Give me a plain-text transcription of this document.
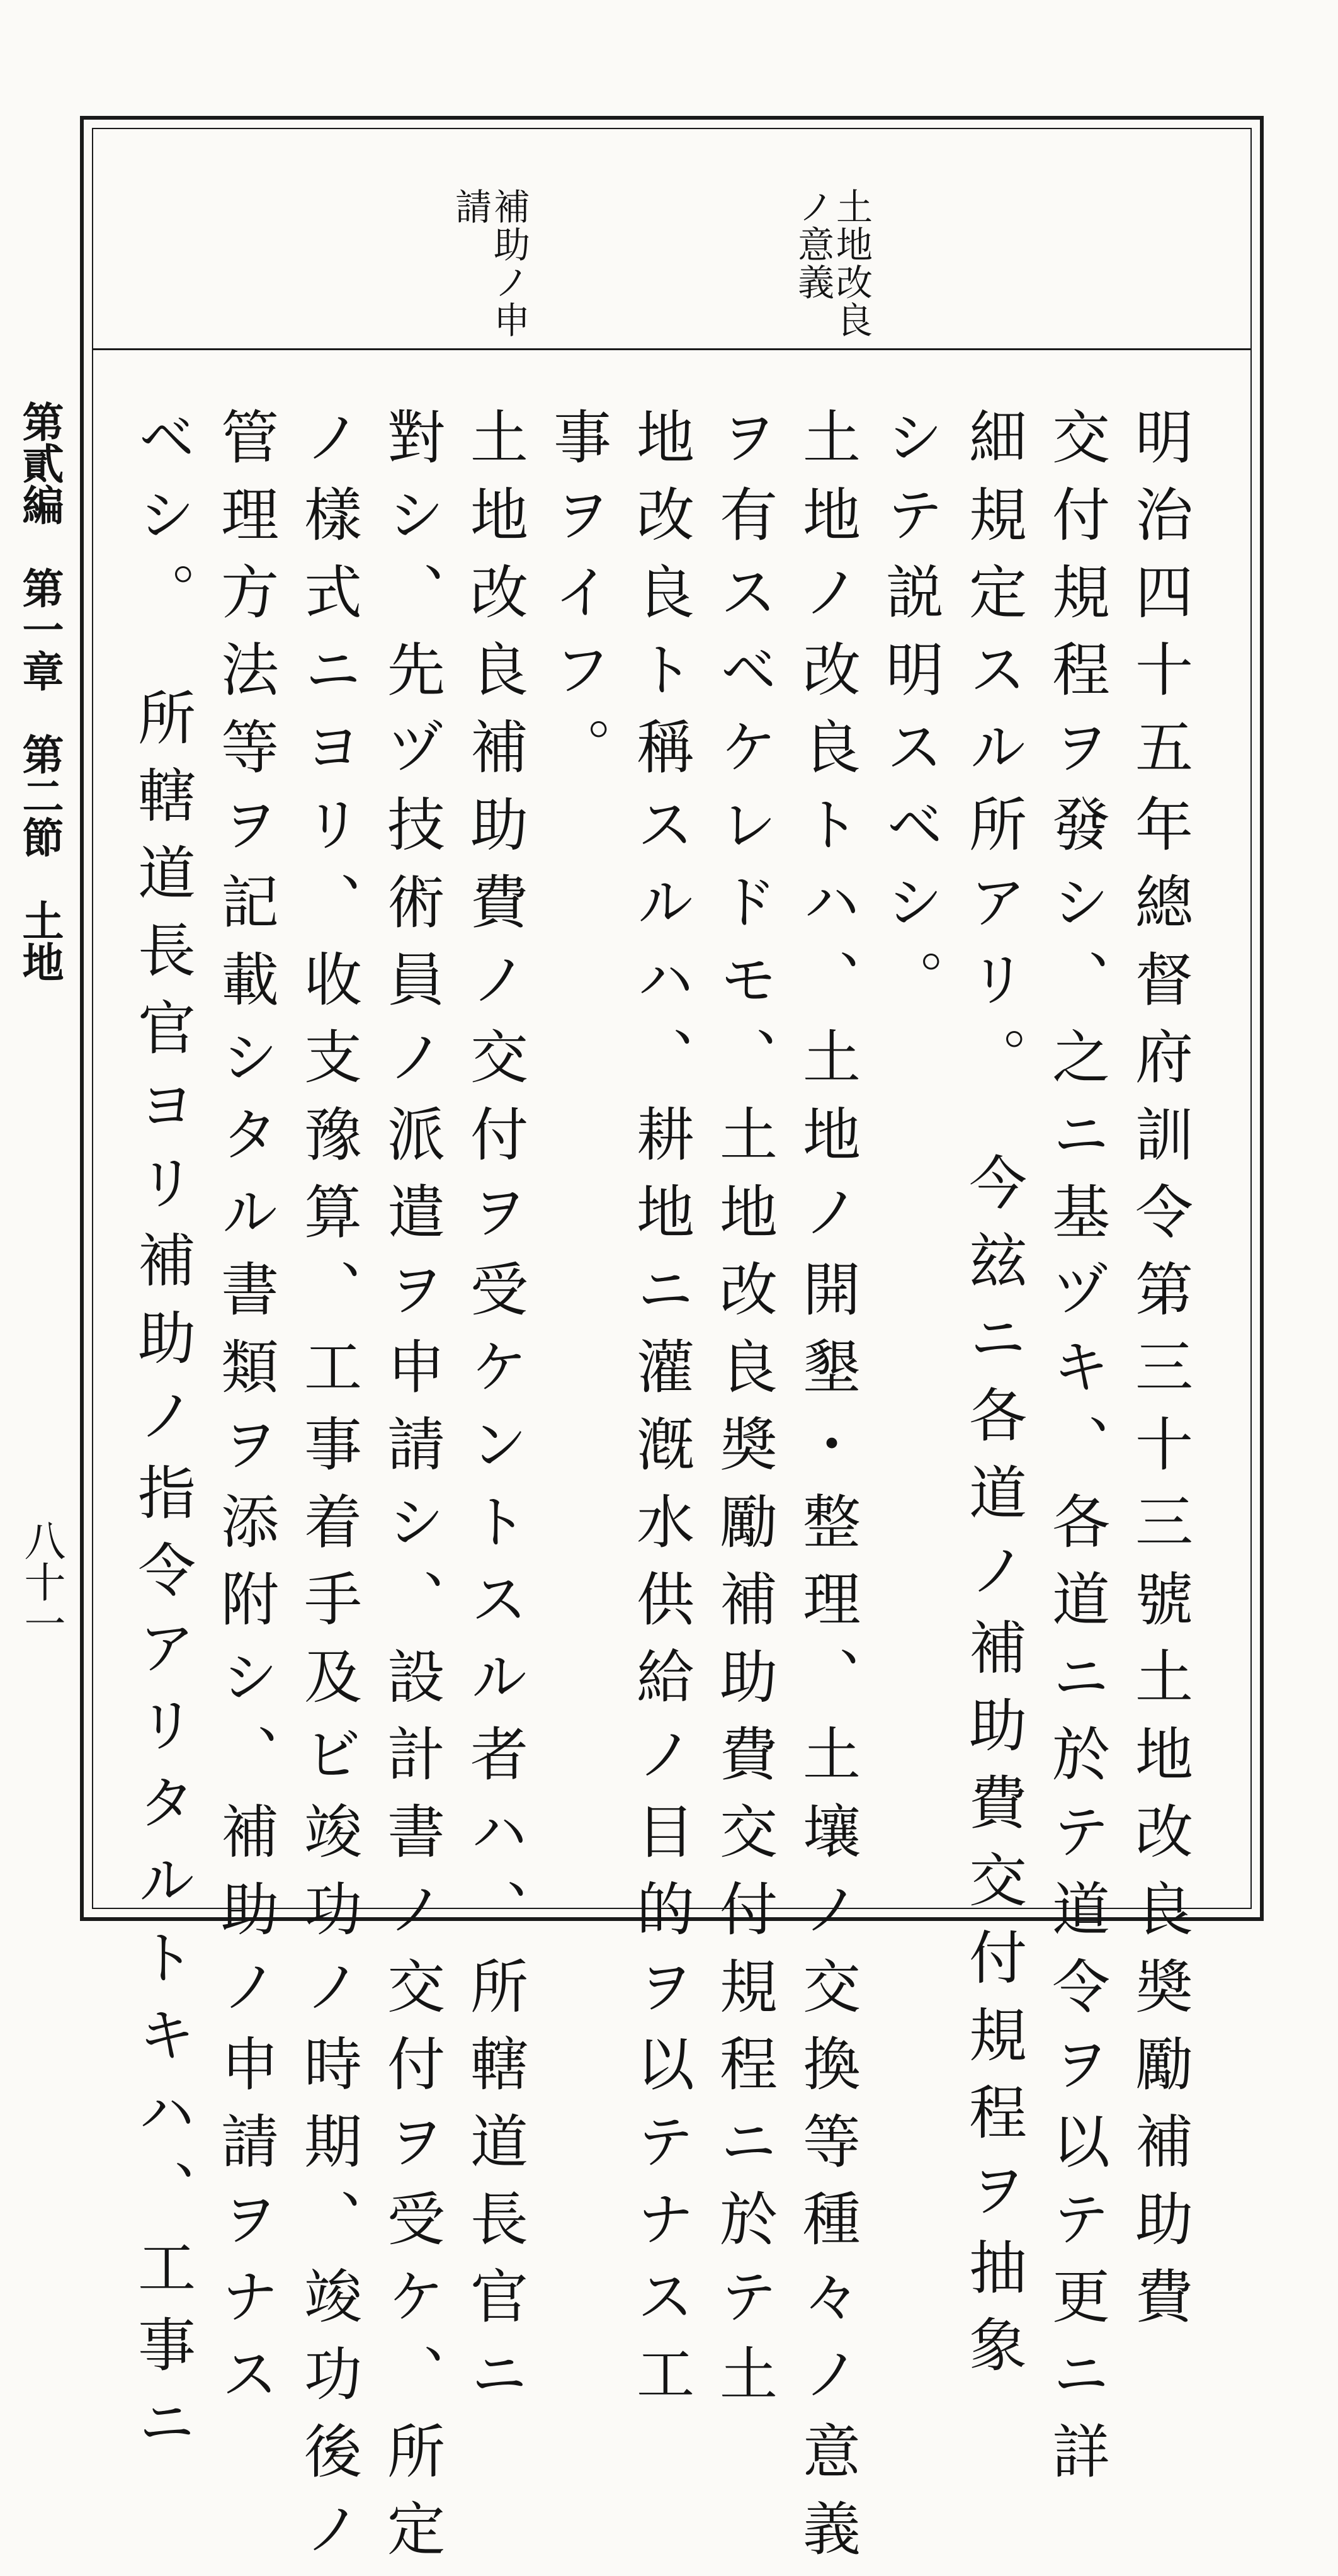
土地改良ノ意義
補助ノ申請
明治四十五年總督府訓令第三十三號土地改良奬勵補助費
交付規程ヲ發シ、之ニ基ヅキ、各道ニ於テ道令ヲ以テ更ニ詳
細規定スル所アリ。　今玆ニ各道ノ補助費交付規程ヲ抽象
シテ説明スベシ。
土地ノ改良トハ、土地ノ開墾・整理、土壤ノ交換等種々ノ意義
ヲ有スベケレドモ、土地改良奬勵補助費交付規程ニ於テ土
地改良ト稱スルハ、耕地ニ灌漑水供給ノ目的ヲ以テナス工
事ヲイフ。
土地改良補助費ノ交付ヲ受ケントスル者ハ、所轄道長官ニ
對シ、先ヅ技術員ノ派遣ヲ申請シ、設計書ノ交付ヲ受ケ、所定
ノ樣式ニヨリ、收支豫算、工事着手及ビ竣功ノ時期、竣功後ノ
管理方法等ヲ記載シタル書類ヲ添附シ、補助ノ申請ヲナス
ベシ。　所轄道長官ヨリ補助ノ指令アリタルトキハ、工事ニ
第貳編　第一章　第二節　土地
八十一
